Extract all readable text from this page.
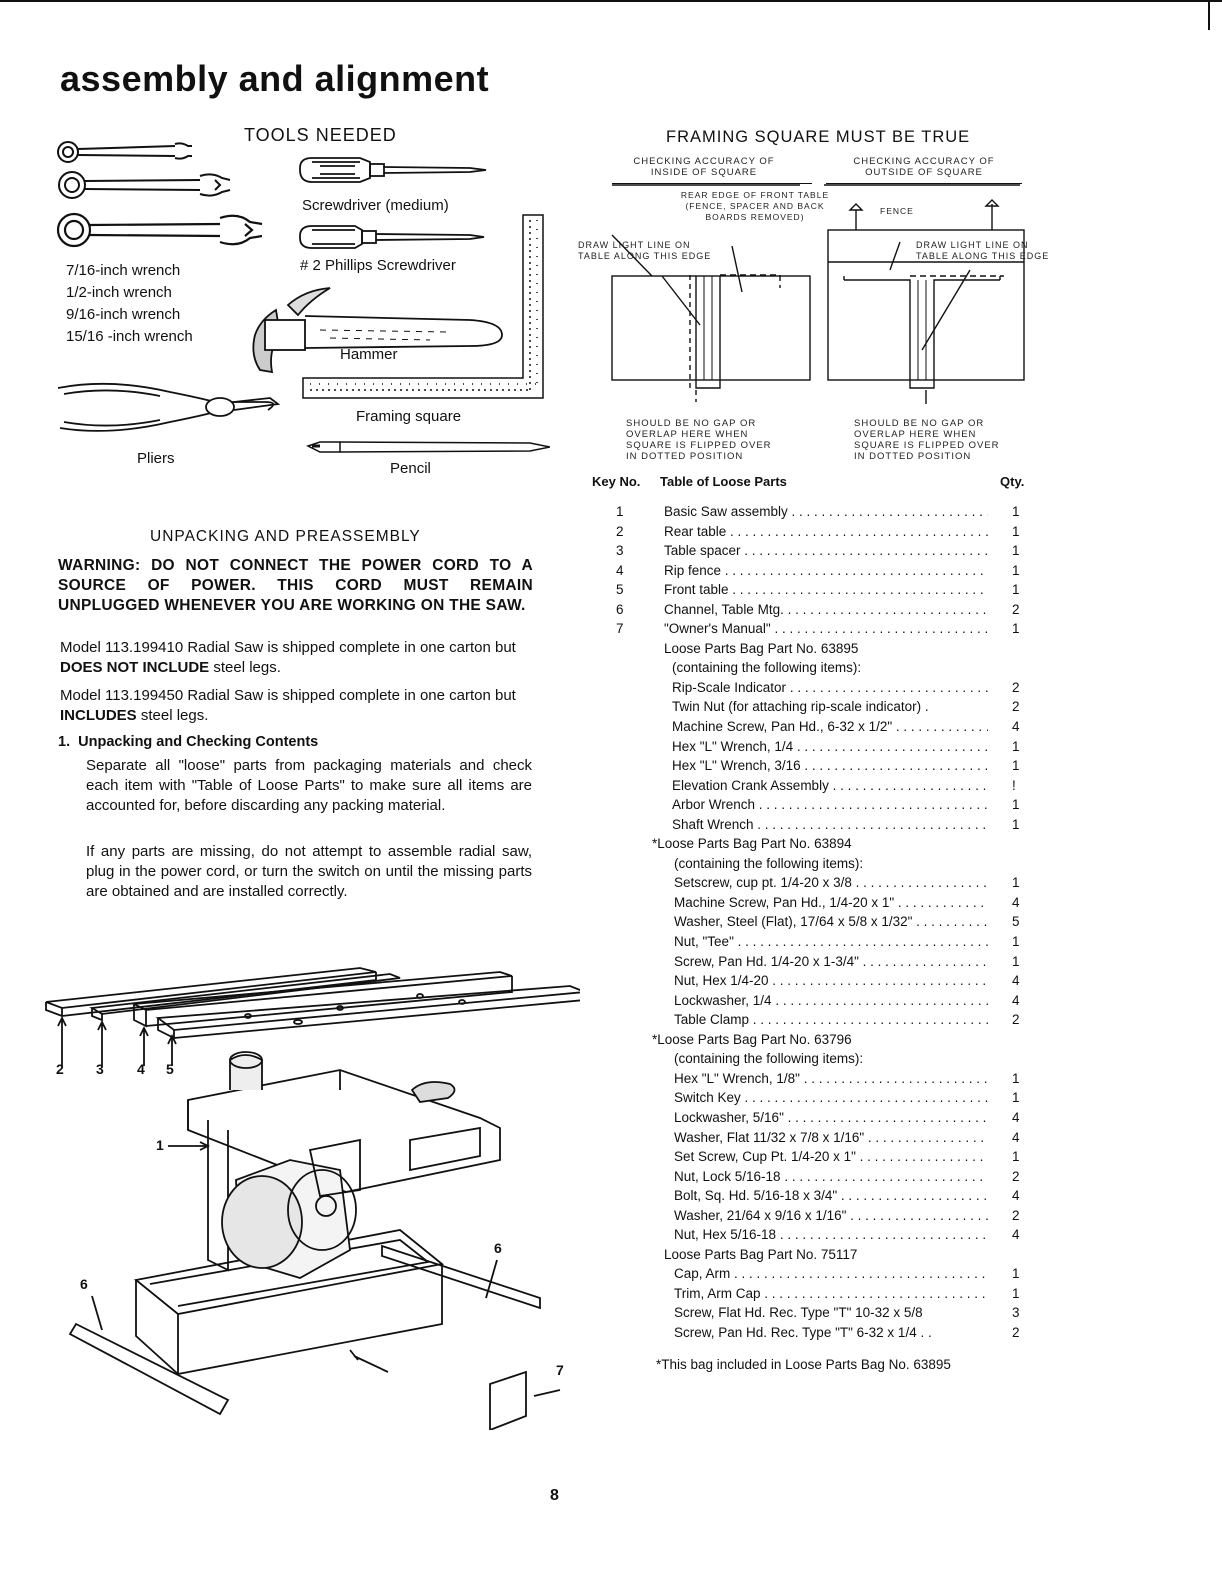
assembly and alignment
TOOLS NEEDED
7/16-inch wrench
1/2-inch wrench
9/16-inch wrench
15/16 -inch wrench
Screwdriver (medium)
# 2 Phillips Screwdriver
Hammer
Framing square
Pliers
Pencil
FRAMING SQUARE MUST BE TRUE
CHECKING ACCURACY OF
INSIDE OF SQUARE
CHECKING ACCURACY OF
OUTSIDE OF SQUARE
REAR EDGE OF FRONT TABLE
(FENCE, SPACER AND BACK
BOARDS REMOVED)
FENCE
DRAW LIGHT LINE ON
TABLE ALONG THIS EDGE
DRAW LIGHT LINE ON
TABLE ALONG THIS EDGE
SHOULD BE NO GAP OR
OVERLAP HERE WHEN
SQUARE IS FLIPPED OVER
IN DOTTED POSITION
SHOULD BE NO GAP OR
OVERLAP HERE WHEN
SQUARE IS FLIPPED OVER
IN DOTTED POSITION
UNPACKING AND PREASSEMBLY
WARNING: DO NOT CONNECT THE POWER CORD TO A SOURCE OF POWER. THIS CORD MUST REMAIN UNPLUGGED WHENEVER YOU ARE WORKING ON THE SAW.
Model 113.199410 Radial Saw is shipped complete in one carton but DOES NOT INCLUDE steel legs.
Model 113.199450 Radial Saw is shipped complete in one carton but INCLUDES steel legs.
1. Unpacking and Checking Contents
Separate all "loose" parts from packaging materials and check each item with "Table of Loose Parts" to make sure all items are accounted for, before discarding any packing material.
If any parts are missing, do not attempt to assemble radial saw, plug in the power cord, or turn the switch on until the missing parts are obtained and are installed correctly.
2 3 4 5
1
6
6
7
Key No. Table of Loose Parts	Qty.
1	Basic Saw assembly . . .	1
2	Rear table . . .	1
3	Table spacer . . .	1
4	Rip fence . . .	1
5	Front table . . .	1
6	Channel, Table Mtg. . . .	2
7	"Owner's Manual" . . .	1
Loose Parts Bag Part No. 63895
(containing the following items):
Rip-Scale Indicator . . .	2
Twin Nut (for attaching rip-scale indicator) .	2
Machine Screw, Pan Hd., 6-32 x 1/2" . . .	4
Hex "L" Wrench, 1/4 . . .	1
Hex "L" Wrench, 3/16 . . .	1
Elevation Crank Assembly . . .	!
Arbor Wrench . . .	1
Shaft Wrench . . .	1
*Loose Parts Bag Part No. 63894
(containing the following items):
Setscrew, cup pt. 1/4-20 x 3/8 . . .	1
Machine Screw, Pan Hd., 1/4-20 x 1" . . .	4
Washer, Steel (Flat), 17/64 x 5/8 x 1/32" . . .	5
Nut, "Tee" . . .	1
Screw, Pan Hd. 1/4-20 x 1-3/4" . . .	1
Nut, Hex 1/4-20 . . .	4
Lockwasher, 1/4 . . .	4
Table Clamp . . .	2
*Loose Parts Bag Part No. 63796
(containing the following items):
Hex "L" Wrench, 1/8" . . .	1
Switch Key . . .	1
Lockwasher, 5/16" . . .	4
Washer, Flat 11/32 x 7/8 x 1/16" . . .	4
Set Screw, Cup Pt. 1/4-20 x 1" . . .	1
Nut, Lock 5/16-18 . . .	2
Bolt, Sq. Hd. 5/16-18 x 3/4" . . .	4
Washer, 21/64 x 9/16 x 1/16" . . .	2
Nut, Hex 5/16-18 . . .	4
Loose Parts Bag Part No. 75117
Cap, Arm . . .	1
Trim, Arm Cap . . .	1
Screw, Flat Hd. Rec. Type "T" 10-32 x 5/8	3
Screw, Pan Hd. Rec. Type "T" 6-32 x 1/4 . .	2
*This bag included in Loose Parts Bag No. 63895
8
